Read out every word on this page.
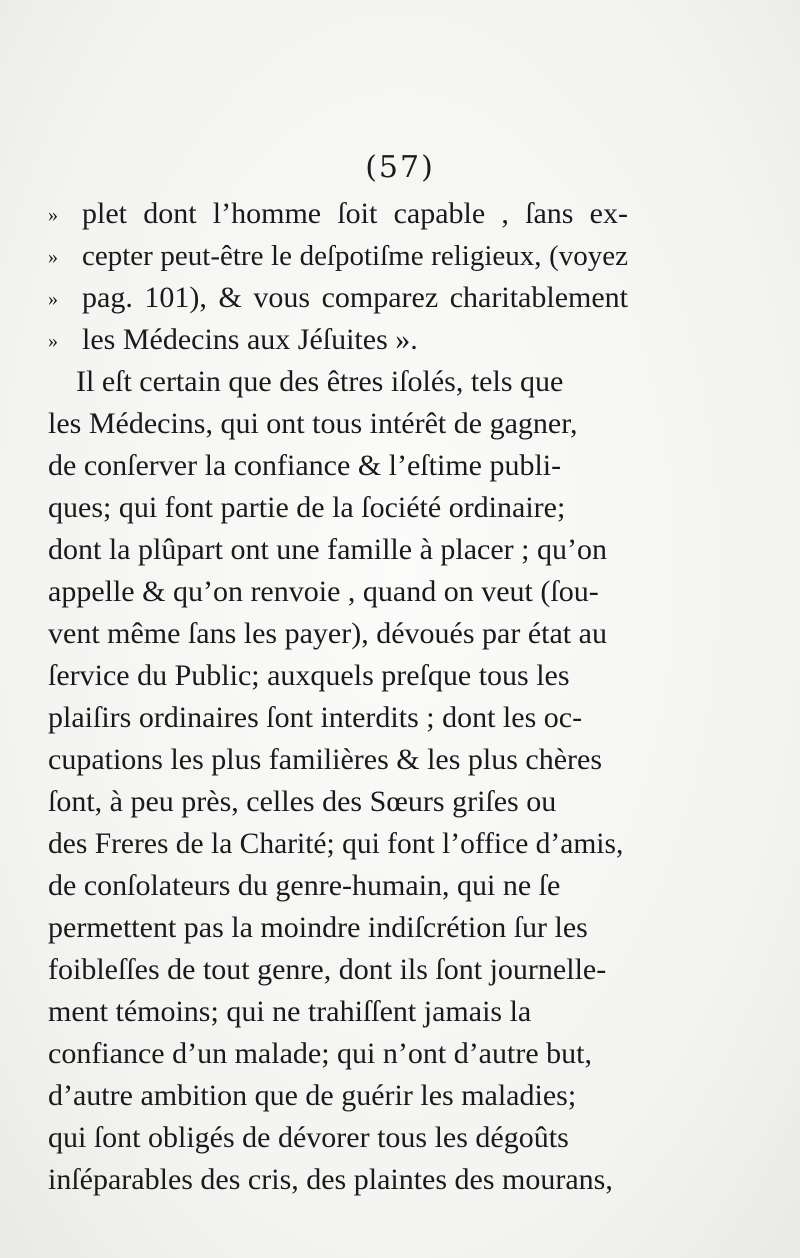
(57)
» plet dont l’homme ſoit capable , ſans ex-
» cepter peut-être le deſpotiſme religieux, (voyez
» pag. 101), & vous comparez charitablement
» les Médecins aux Jéſuites ».
Il eſt certain que des êtres iſolés, tels que
les Médecins, qui ont tous intérêt de gagner,
de conſerver la confiance & l’eſtime publi-
ques; qui font partie de la ſociété ordinaire;
dont la plûpart ont une famille à placer ; qu’on
appelle & qu’on renvoie , quand on veut (ſou-
vent même ſans les payer), dévoués par état au
ſervice du Public; auxquels preſque tous les
plaiſirs ordinaires ſont interdits ; dont les oc-
cupations les plus familières & les plus chères
ſont, à peu près, celles des Sœurs griſes ou
des Freres de la Charité; qui font l’office d’amis,
de conſolateurs du genre-humain, qui ne ſe
permettent pas la moindre indiſcrétion ſur les
foibleſſes de tout genre, dont ils ſont journelle-
ment témoins; qui ne trahiſſent jamais la
confiance d’un malade; qui n’ont d’autre but,
d’autre ambition que de guérir les maladies;
qui ſont obligés de dévorer tous les dégoûts
inſéparables des cris, des plaintes des mourans,
